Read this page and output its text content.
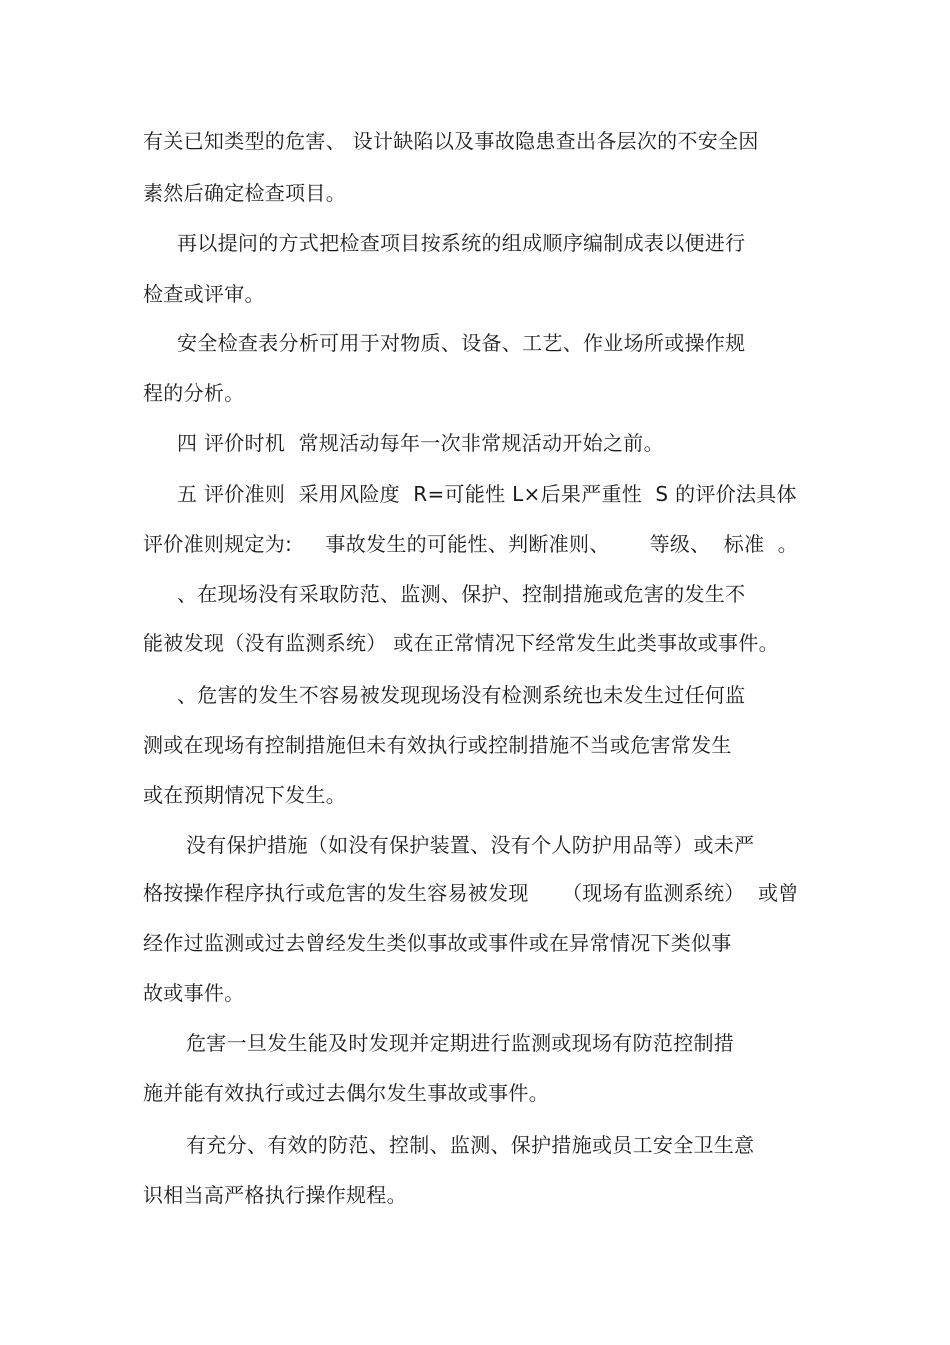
有关已知类型的危害、 设计缺陷以及事故隐患查出各层次的不安全因
素然后确定检查项目。
再以提问的方式把检查项目按系统的组成顺序编制成表以便进行
检查或评审。
安全检查表分析可用于对物质、设备、工艺、作业场所或操作规
程的分析。
四 评价时机  常规活动每年一次非常规活动开始之前。
五 评价准则  采用风险度  R=可能性 L×后果严重性  S 的评价法具体
评价准则规定为:     事故发生的可能性、判断准则、      等级、  标准  。
、在现场没有采取防范、监测、保护、控制措施或危害的发生不
能被发现（没有监测系统） 或在正常情况下经常发生此类事故或事件。
、危害的发生不容易被发现现场没有检测系统也未发生过任何监
测或在现场有控制措施但未有效执行或控制措施不当或危害常发生
或在预期情况下发生。
没有保护措施（如没有保护装置、没有个人防护用品等）或未严
格按操作程序执行或危害的发生容易被发现     （现场有监测系统）  或曾
经作过监测或过去曾经发生类似事故或事件或在异常情况下类似事
故或事件。
危害一旦发生能及时发现并定期进行监测或现场有防范控制措
施并能有效执行或过去偶尔发生事故或事件。
有充分、有效的防范、控制、监测、保护措施或员工安全卫生意
识相当高严格执行操作规程。
